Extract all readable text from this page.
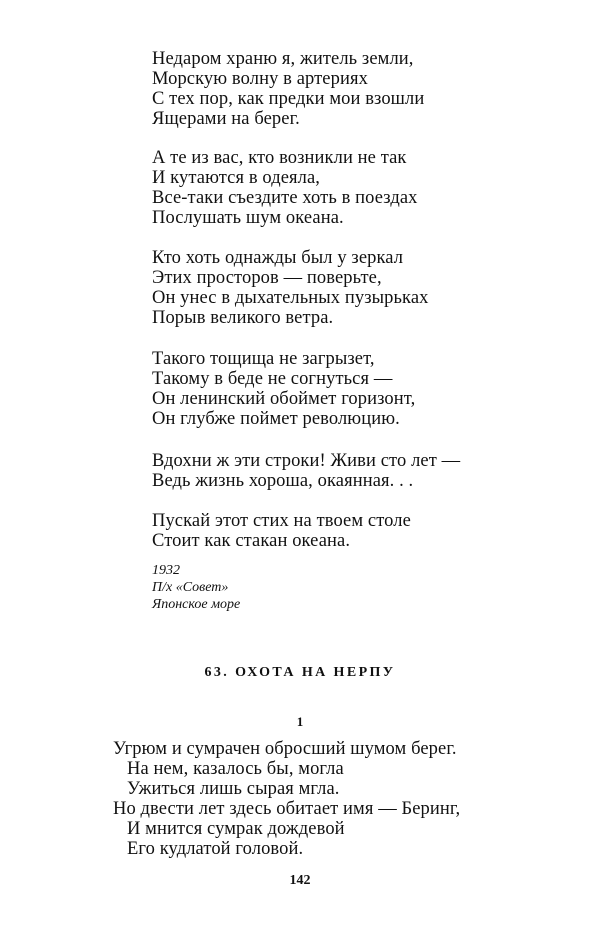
Недаром храню я, житель земли,
Морскую волну в артериях
С тех пор, как предки мои взошли
Ящерами на берег.
А те из вас, кто возникли не так
И кутаются в одеяла,
Все-таки съездите хоть в поездах
Послушать шум океана.
Кто хоть однажды был у зеркал
Этих просторов — поверьте,
Он унес в дыхательных пузырьках
Порыв великого ветра.
Такого тощища не загрызет,
Такому в беде не согнуться —
Он ленинский обоймет горизонт,
Он глубже поймет революцию.
Вдохни ж эти строки! Живи сто лет —
Ведь жизнь хороша, окаянная. . .
Пускай этот стих на твоем столе
Стоит как стакан океана.
1932
П/х «Совет»
Японское море
63. ОХОТА НА НЕРПУ
1
Угрюм и сумрачен обросший шумом берег.
На нем, казалось бы, могла
Ужиться лишь сырая мгла.
Но двести лет здесь обитает имя — Беринг,
И мнится сумрак дождевой
Его кудлатой головой.
142
